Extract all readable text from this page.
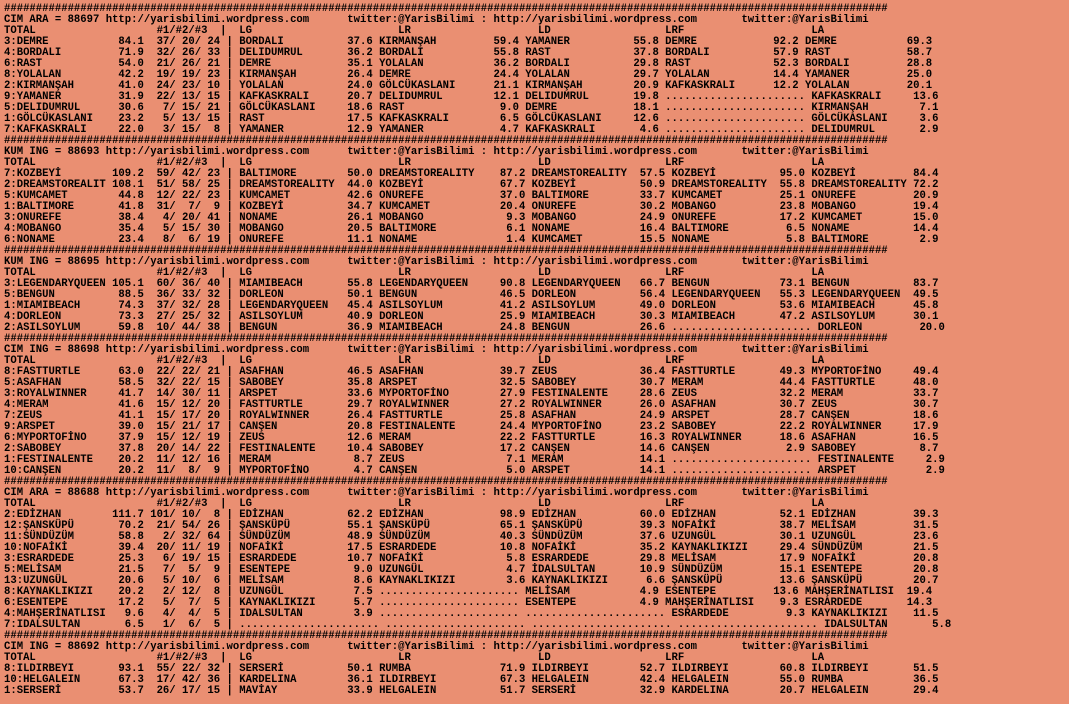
###########################################################################################################################################
CIM ARA = 88697 http://yarisbilimi.wordpress.com      twitter:@YarisBilimi : http://yarisbilimi.wordpress.com       twitter:@YarisBilimi
TOTAL                   #1/#2/#3  |  LG                       LR                    LD                  LRF                    LA
3:DEMRE           84.1  37/ 20/ 24 | BORDALI          37.6 KIRMANŞAH         59.4 YAMANER          55.8 DEMRE            92.2 DEMRE           69.3
4:BORDALI         71.9  32/ 26/ 33 | DELIDUMRUL       36.2 BORDALI           55.8 RAST             37.8 BORDALI          57.9 RAST            58.7
6:RAST            54.0  21/ 26/ 21 | DEMRE            35.1 YOLALAN           36.2 BORDALI          29.8 RAST             52.3 BORDALI         28.8
8:YOLALAN         42.2  19/ 19/ 23 | KIRMANŞAH        26.4 DEMRE             24.4 YOLALAN          29.7 YOLALAN          14.4 YAMANER         25.0
2:KIRMANŞAH       41.0  24/ 23/ 10 | YOLALAN          24.0 GÖLCÜKASLANI      21.1 KIRMANŞAH        20.9 KAFKASKRALI      12.2 YOLALAN         20.1
9:YAMANER         31.9  22/ 13/ 15 | KAFKASKRALI      20.7 DELIDUMRUL        12.1 DELIDUMRUL       19.8 ...................... KAFKASKRALI     13.6
5:DELIDUMRUL      30.6   7/ 15/ 21 | GÖLCÜKASLANI     18.6 RAST               9.0 DEMRE            18.1 ...................... KIRMANŞAH        7.1
1:GÖLCÜKASLANI    23.2   5/ 13/ 15 | RAST             17.5 KAFKASKRALI        6.5 GÖLCÜKASLANI     12.6 ...................... GÖLCÜKASLANI     3.6
7:KAFKASKRALI     22.0   3/ 15/  8 | YAMANER          12.9 YAMANER            4.7 KAFKASKRALI       4.6 ...................... DELIDUMRUL       2.9
###########################################################################################################################################
KUM ING = 88693 http://yarisbilimi.wordpress.com      twitter:@YarisBilimi : http://yarisbilimi.wordpress.com       twitter:@YarisBilimi
TOTAL                   #1/#2/#3  |  LG                       LR                    LD                  LRF                    LA
7:KOZBEYİ        109.2  59/ 42/ 23 | BALTIMORE        50.0 DREAMSTOREALITY    87.2 DREAMSTOREALITY  57.5 KOZBEYİ          95.0 KOZBEYİ         84.4
2:DREAMSTOREALIT 108.1  51/ 58/ 25 | DREAMSTOREALITY  44.0 KOZBEYİ            67.7 KOZBEYİ          50.9 DREAMSTOREALITY  55.8 DREAMSTOREALITY 72.2
5:KUMCAMET        44.8  12/ 22/ 23 | KUMCAMET         42.6 ONUREFE            37.0 BALTIMORE        33.7 KUMCAMET         25.1 ONUREFE         20.9
1:BALTIMORE       41.8  31/  7/  9 | KOZBEYİ          34.7 KUMCAMET           20.4 ONUREFE          30.2 MOBANGO          23.8 MOBANGO         19.4
3:ONUREFE         38.4   4/ 20/ 41 | NONAME           26.1 MOBANGO             9.3 MOBANGO          24.9 ONUREFE          17.2 KUMCAMET        15.0
4:MOBANGO         35.4   5/ 15/ 30 | MOBANGO          20.5 BALTIMORE           6.1 NONAME           16.4 BALTIMORE         6.5 NONAME          14.4
6:NONAME          23.4   8/  6/ 19 | ONUREFE          11.1 NONAME              1.4 KUMCAMET         15.5 NONAME            5.8 BALTIMORE        2.9
###########################################################################################################################################
KUM ING = 88695 http://yarisbilimi.wordpress.com      twitter:@YarisBilimi : http://yarisbilimi.wordpress.com       twitter:@YarisBilimi
TOTAL                   #1/#2/#3  |  LG                       LR                    LD                  LRF                    LA
3:LEGENDARYQUEEN 105.1  60/ 36/ 40 | MIAMIBEACH       55.8 LEGENDARYQUEEN     90.8 LEGENDARYQUEEN   66.7 BENGUN           73.1 BENGUN          83.7
5:BENGUN          88.5  36/ 33/ 32 | DORLEON          50.1 BENGUN             46.5 DORLEON          56.4 LEGENDARYQUEEN   55.3 LEGENDARYQUEEN  49.5
1:MIAMIBEACH      74.3  37/ 32/ 28 | LEGENDARYQUEEN   45.4 ASILSOYLUM         41.2 ASILSOYLUM       49.0 DORLEON          53.6 MIAMIBEACH      45.8
4:DORLEON         73.3  27/ 25/ 32 | ASILSOYLUM       40.9 DORLEON            25.9 MIAMIBEACH       30.3 MIAMIBEACH       47.2 ASILSOYLUM      30.1
2:ASILSOYLUM      59.8  10/ 44/ 38 | BENGUN           36.9 MIAMIBEACH         24.8 BENGUN           26.6 ...................... DORLEON         20.0
###########################################################################################################################################
CIM ING = 88698 http://yarisbilimi.wordpress.com      twitter:@YarisBilimi : http://yarisbilimi.wordpress.com       twitter:@YarisBilimi
TOTAL                   #1/#2/#3  |  LG                       LR                    LD                  LRF                    LA
8:FASTTURTLE      63.0  22/ 22/ 21 | ASAFHAN          46.5 ASAFHAN            39.7 ZEUS             36.4 FASTTURTLE       49.3 MYPORTOFİNO     49.4
5:ASAFHAN         58.5  32/ 22/ 15 | SABOBEY          35.8 ARSPET             32.5 SABOBEY          30.7 MERAM            44.4 FASTTURTLE      48.0
3:ROYALWINNER     41.7  14/ 30/ 11 | ARSPET           33.6 MYPORTOFİNO        27.9 FESTINALENTE     28.6 ZEUS             32.2 MERAM           33.7
4:MERAM           41.6  15/ 12/ 20 | FASTTURTLE       29.7 ROYALWINNER        27.2 ROYALWINNER      26.0 ASAFHAN          30.7 ZEUS            30.7
7:ZEUS            41.1  15/ 17/ 20 | ROYALWINNER      26.4 FASTTURTLE         25.8 ASAFHAN          24.9 ARSPET           28.7 CANŞEN          18.6
9:ARSPET          39.0  15/ 21/ 17 | CANŞEN           20.8 FESTINALENTE       24.4 MYPORTOFİNO      23.2 SABOBEY          22.2 ROYALWINNER     17.9
6:MYPORTOFİNO     37.9  15/ 12/ 19 | ZEUS             12.6 MERAM              22.2 FASTTURTLE       16.3 ROYALWINNER      18.6 ASAFHAN         16.5
2:SABOBEY         37.8  20/ 14/ 22 | FESTINALENTE     10.4 SABOBEY            17.2 CANŞEN           14.6 CANŞEN            2.9 SABOBEY          8.7
1:FESTINALENTE    20.2  11/ 12/ 16 | MERAM             8.7 ZEUS                7.1 MERAM            14.1 ...................... FESTINALENTE     2.9
10:CANŞEN         20.2  11/  8/  9 | MYPORTOFİNO       4.7 CANŞEN              5.0 ARSPET           14.1 ...................... ARSPET           2.9
###########################################################################################################################################
CIM ARA = 88688 http://yarisbilimi.wordpress.com      twitter:@YarisBilimi : http://yarisbilimi.wordpress.com       twitter:@YarisBilimi
TOTAL                   #1/#2/#3  |  LG                       LR                    LD                  LRF                    LA
2:EDİZHAN        111.7 101/ 10/  8 | EDİZHAN          62.2 EDİZHAN            98.9 EDİZHAN          60.0 EDİZHAN          52.1 EDİZHAN         39.3
12:ŞANSKÜPÜ       70.2  21/ 54/ 26 | ŞANSKÜPÜ         55.1 ŞANSKÜPÜ           65.1 ŞANSKÜPÜ         39.3 NOFAİKİ          38.7 MELİSAM         31.5
11:SÜNDÜZÜM       58.8   2/ 32/ 64 | SÜNDÜZÜM         48.9 SÜNDÜZÜM           40.3 SÜNDÜZÜM         37.6 UZUNGÜL          30.1 UZUNGÜL         23.6
10:NOFAİKİ        39.4  20/ 11/ 19 | NOFAİKİ          17.5 ESRARDEDE          10.8 NOFAİKİ          35.2 KAYNAKLIKIZI     29.4 SÜNDÜZÜM        21.5
3:ESRARDEDE       25.3   6/ 19/ 15 | ESRARDEDE        10.7 NOFAİKİ             5.8 ESRARDEDE        29.8 MELİSAM          17.9 NOFAİKİ         20.8
5:MELİSAM         21.5   7/  5/  9 | ESENTEPE          9.0 UZUNGÜL             4.7 İDALSULTAN       10.9 SÜNDÜZÜM         15.1 ESENTEPE        20.8
13:UZUNGÜL        20.6   5/ 10/  6 | MELİSAM           8.6 KAYNAKLIKIZI        3.6 KAYNAKLIKIZI      6.6 ŞANSKÜPÜ         13.6 ŞANSKÜPÜ        20.7
8:KAYNAKLIKIZI    20.2   2/ 12/  8 | UZUNGÜL           7.5 ...................... MELİSAM           4.9 ESENTEPE         13.6 MAHŞERİNATLISI  19.4
6:ESENTEPE        17.2   5/  7/  5 | KAYNAKLIKIZI      5.7 ...................... ESENTEPE          4.9 MAHŞERİNATLISI    9.3 ESRARDEDE       14.3
4:MAHŞERİNATLISI   9.6   4/  4/  5 | IDALSULTAN        3.9 ...................... ...................... ESRARDEDE         9.3 KAYNAKLIKIZI    11.5
7:IDALSULTAN       6.5   1/  6/  5 | ...................... ...................... ...................... ...................... IDALSULTAN       5.8
###########################################################################################################################################
CIM ING = 88692 http://yarisbilimi.wordpress.com      twitter:@YarisBilimi : http://yarisbilimi.wordpress.com       twitter:@YarisBilimi
TOTAL                   #1/#2/#3  |  LG                       LR                    LD                  LRF                    LA
8:ILDIRBEYI       93.1  55/ 22/ 32 | SERSERİ          50.1 RUMBA              71.9 ILDIRBEYI        52.7 ILDIRBEYI        60.8 ILDIRBEYI       51.5
10:HELGALEIN      67.3  17/ 42/ 36 | KARDELINA        36.1 ILDIRBEYI          67.3 HELGALEIN        42.4 HELGALEIN        55.0 RUMBA           36.5
1:SERSERİ         53.7  26/ 17/ 15 | MAVİAY           33.9 HELGALEIN          51.7 SERSERİ          32.9 KARDELINA        20.7 HELGALEIN       29.4
